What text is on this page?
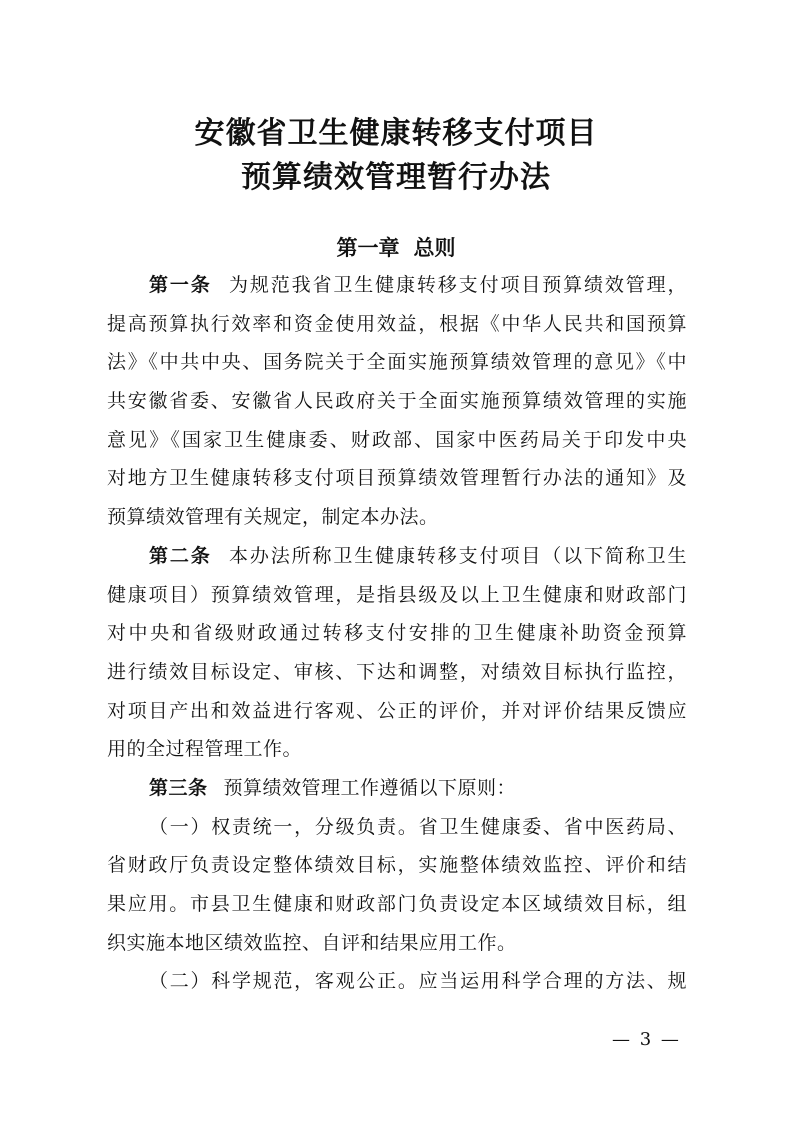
安徽省卫生健康转移支付项目
预算绩效管理暂行办法
第一章 总则
第一条 为规范我省卫生健康转移支付项目预算绩效管理，
提高预算执行效率和资金使用效益，根据《中华人民共和国预算
法》《中共中央、国务院关于全面实施预算绩效管理的意见》《中
共安徽省委、安徽省人民政府关于全面实施预算绩效管理的实施
意见》《国家卫生健康委、财政部、国家中医药局关于印发中央
对地方卫生健康转移支付项目预算绩效管理暂行办法的通知》及
预算绩效管理有关规定，制定本办法。
第二条 本办法所称卫生健康转移支付项目（以下简称卫生
健康项目）预算绩效管理，是指县级及以上卫生健康和财政部门
对中央和省级财政通过转移支付安排的卫生健康补助资金预算
进行绩效目标设定、审核、下达和调整，对绩效目标执行监控，
对项目产出和效益进行客观、公正的评价，并对评价结果反馈应
用的全过程管理工作。
第三条 预算绩效管理工作遵循以下原则：
（一）权责统一，分级负责。省卫生健康委、省中医药局、
省财政厅负责设定整体绩效目标，实施整体绩效监控、评价和结
果应用。市县卫生健康和财政部门负责设定本区域绩效目标，组
织实施本地区绩效监控、自评和结果应用工作。
（二）科学规范，客观公正。应当运用科学合理的方法、规
— 3 —
